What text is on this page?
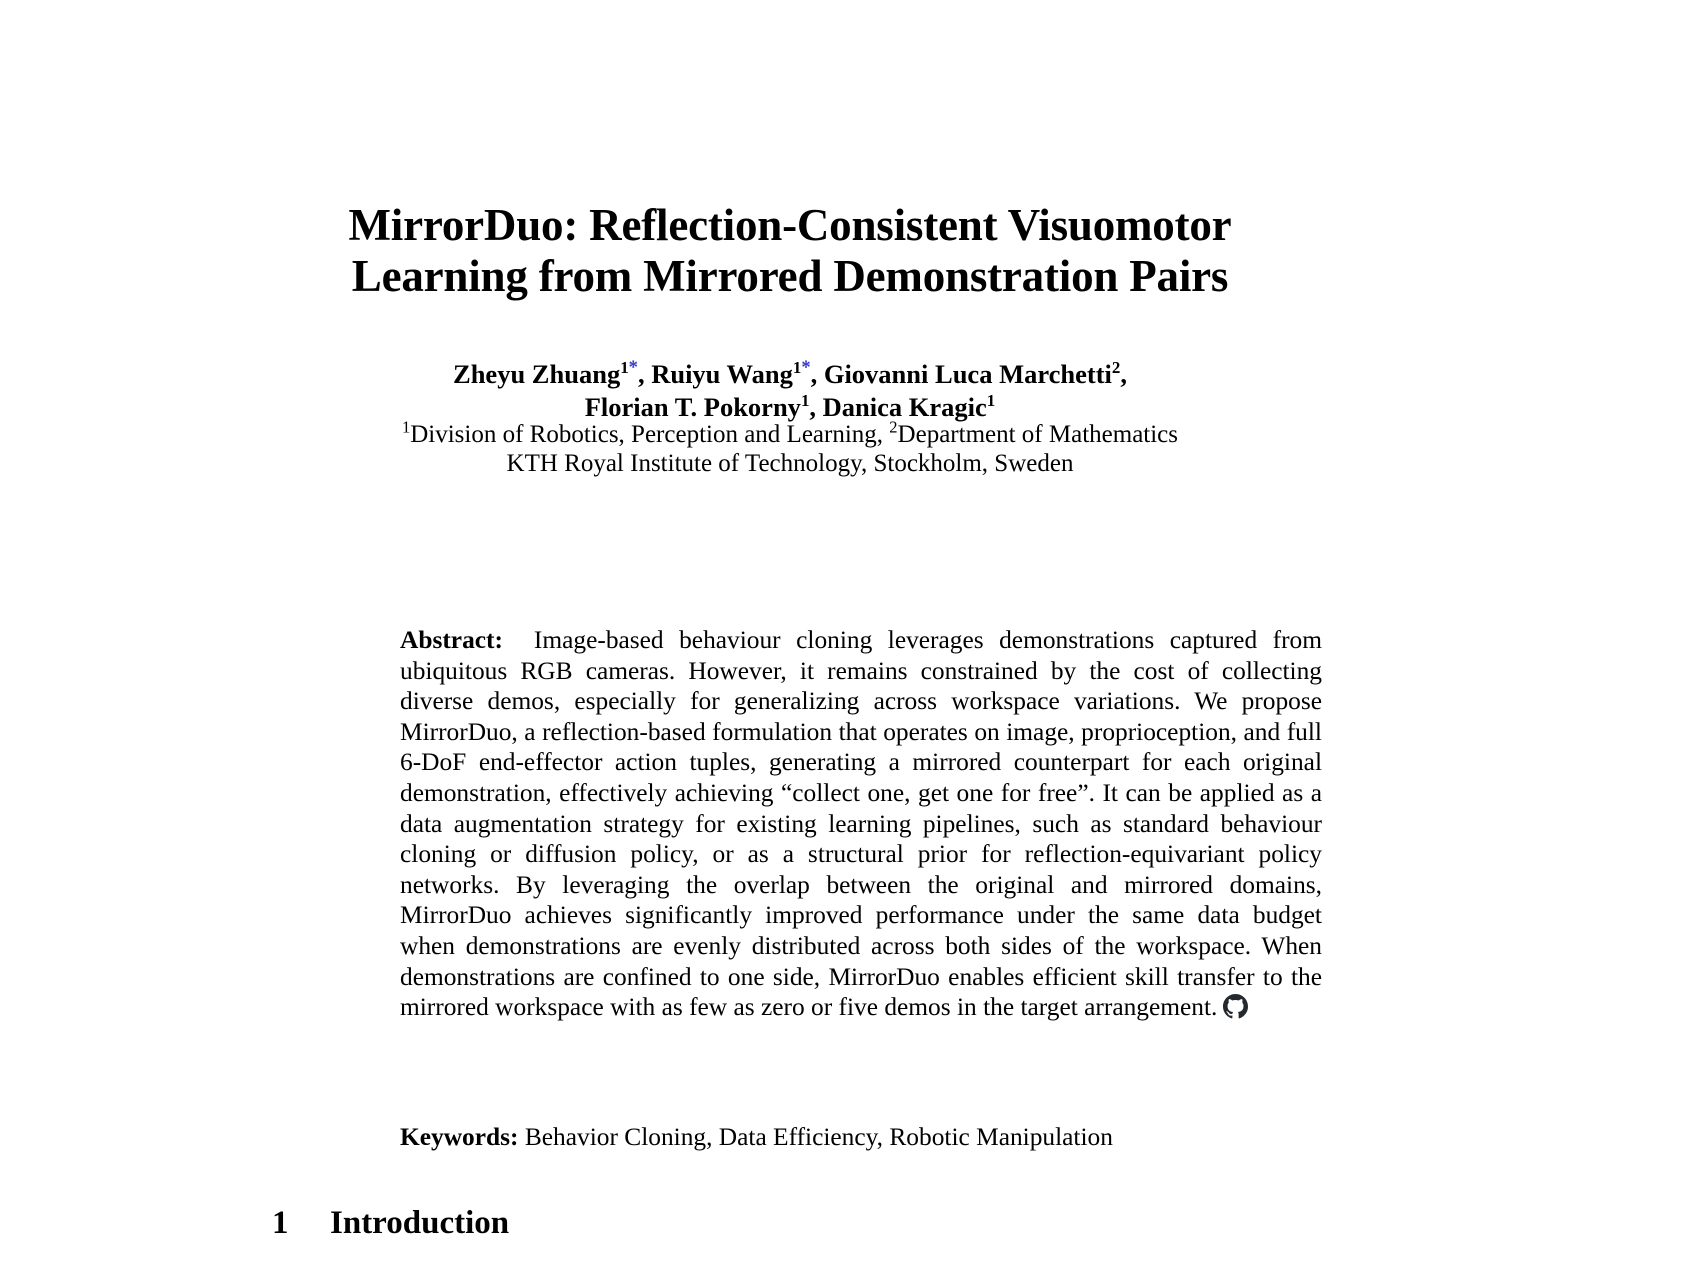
MirrorDuo: Reflection-Consistent Visuomotor
Learning from Mirrored Demonstration Pairs
Zheyu Zhuang$^{1*}$, Ruiyu Wang$^{1*}$, Giovanni Luca Marchetti$^2$,
Florian T. Pokorny$^1$, Danica Kragic$^1$
$^1$Division of Robotics, Perception and Learning, $^2$Department of Mathematics
KTH Royal Institute of Technology, Stockholm, Sweden

Abstract: Image-based behaviour cloning leverages demonstrations captured from ubiquitous RGB cameras. However, it remains constrained by the cost of collecting diverse demos, especially for generalizing across workspace variations. We propose MirrorDuo, a reflection-based formulation that operates on image, proprioception, and full 6-DoF end-effector action tuples, generating a mirrored counterpart for each original demonstration, effectively achieving “collect one, get one for free”. It can be applied as a data augmentation strategy for existing learning pipelines, such as standard behaviour cloning or diffusion policy, or as a structural prior for reflection-equivariant policy networks. By leveraging the overlap between the original and mirrored domains, MirrorDuo achieves significantly improved performance under the same data budget when demonstrations are evenly distributed across both sides of the workspace. When demonstrations are confined to one side, MirrorDuo enables efficient skill transfer to the mirrored workspace with as few as zero or five demos in the target arrangement.

Keywords: Behavior Cloning, Data Efficiency, Robotic Manipulation

1 Introduction
